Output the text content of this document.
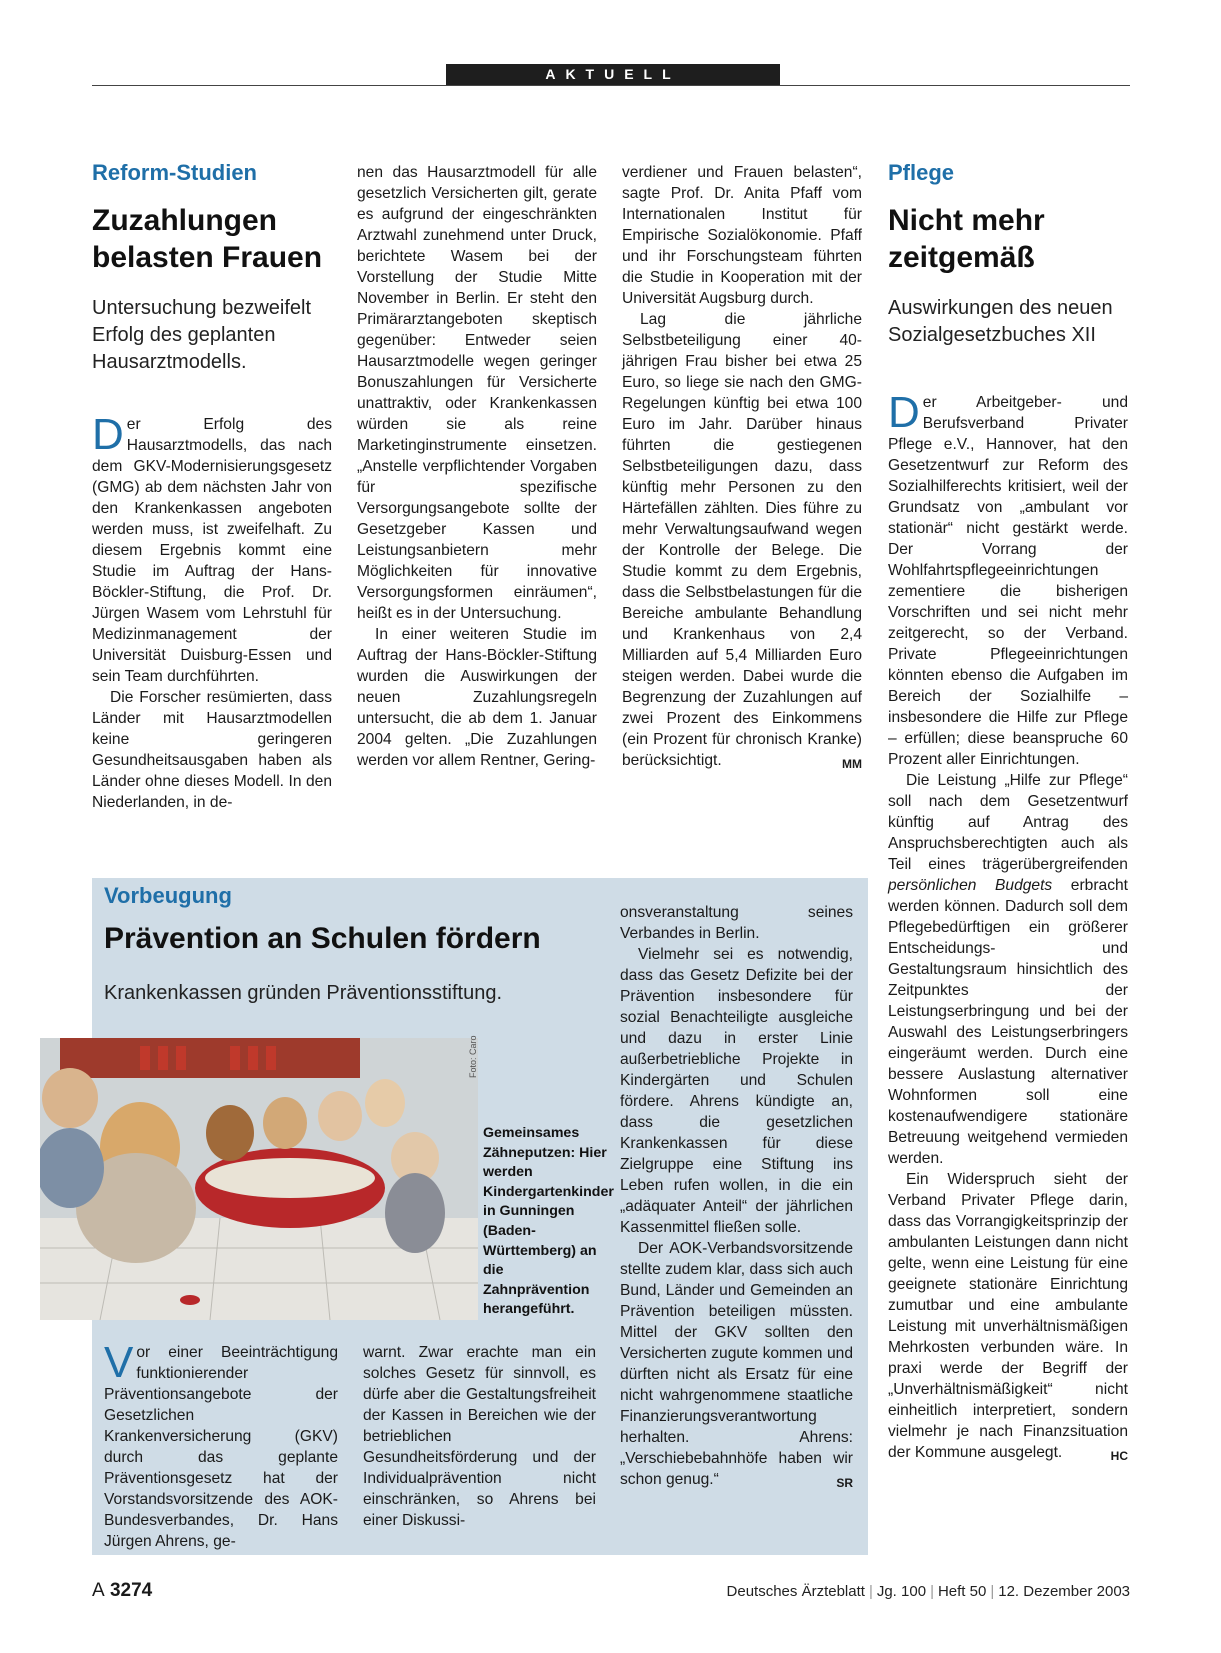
AKTUELL
Reform-Studien
Zuzahlungen
belasten Frauen
Untersuchung bezweifelt Erfolg des geplanten Hausarztmodells.

Der Erfolg des Hausarztmodells, das nach dem GKV-Modernisierungsgesetz (GMG) ab dem nächsten Jahr von den Krankenkassen angeboten werden muss, ist zweifelhaft. Zu diesem Ergebnis kommt eine Studie im Auftrag der Hans-Böckler-Stiftung, die Prof. Dr. Jürgen Wasem vom Lehrstuhl für Medizinmanagement der Universität Duisburg-Essen und sein Team durchführten.

Die Forscher resümierten, dass Länder mit Hausarztmodellen keine geringeren Gesundheitsausgaben haben als Länder ohne dieses Modell. In den Niederlanden, in de-

nen das Hausarztmodell für alle gesetzlich Versicherten gilt, gerate es aufgrund der eingeschränkten Arztwahl zunehmend unter Druck, berichtete Wasem bei der Vorstellung der Studie Mitte November in Berlin. Er steht den Primärarztangeboten skeptisch gegenüber: Entweder seien Hausarztmodelle wegen geringer Bonuszahlungen für Versicherte unattraktiv, oder Krankenkassen würden sie als reine Marketinginstrumente einsetzen. „Anstelle verpflichtender Vorgaben für spezifische Versorgungsangebote sollte der Gesetzgeber Kassen und Leistungsanbietern mehr Möglichkeiten für innovative Versorgungsformen einräumen“, heißt es in der Untersuchung.

In einer weiteren Studie im Auftrag der Hans-Böckler-Stiftung wurden die Auswirkungen der neuen Zuzahlungsregeln untersucht, die ab dem 1. Januar 2004 gelten. „Die Zuzahlungen werden vor allem Rentner, Gering-

verdiener und Frauen belasten“, sagte Prof. Dr. Anita Pfaff vom Internationalen Institut für Empirische Sozialökonomie. Pfaff und ihr Forschungsteam führten die Studie in Kooperation mit der Universität Augsburg durch.

Lag die jährliche Selbstbeteiligung einer 40-jährigen Frau bisher bei etwa 25 Euro, so liege sie nach den GMG-Regelungen künftig bei etwa 100 Euro im Jahr. Darüber hinaus führten die gestiegenen Selbstbeteiligungen dazu, dass künftig mehr Personen zu den Härtefällen zählten. Dies führe zu mehr Verwaltungsaufwand wegen der Kontrolle der Belege. Die Studie kommt zu dem Ergebnis, dass die Selbstbelastungen für die Bereiche ambulante Behandlung und Krankenhaus von 2,4 Milliarden auf 5,4 Milliarden Euro steigen werden. Dabei wurde die Begrenzung der Zuzahlungen auf zwei Prozent des Einkommens (ein Prozent für chronisch Kranke) berücksichtigt.	MM

Pflege
Nicht mehr
zeitgemäß
Auswirkungen des neuen Sozialgesetzbuches XII

Der Arbeitgeber- und Berufsverband Privater Pflege e.V., Hannover, hat den Gesetzentwurf zur Reform des Sozialhilferechts kritisiert, weil der Grundsatz von „ambulant vor stationär“ nicht gestärkt werde. Der Vorrang der Wohlfahrtspflegeeinrichtungen zementiere die bisherigen Vorschriften und sei nicht mehr zeitgerecht, so der Verband. Private Pflegeeinrichtungen könnten ebenso die Aufgaben im Bereich der Sozialhilfe – insbesondere die Hilfe zur Pflege – erfüllen; diese beanspruche 60 Prozent aller Einrichtungen.

Die Leistung „Hilfe zur Pflege“ soll nach dem Gesetzentwurf künftig auf Antrag des Anspruchsberechtigten auch als Teil eines trägerübergreifenden persönlichen Budgets erbracht werden können. Dadurch soll dem Pflegebedürftigen ein größerer Entscheidungs- und Gestaltungsraum hinsichtlich des Zeitpunktes der Leistungserbringung und bei der Auswahl des Leistungserbringers eingeräumt werden. Durch eine bessere Auslastung alternativer Wohnformen soll eine kostenaufwendigere stationäre Betreuung weitgehend vermieden werden.

Ein Widerspruch sieht der Verband Privater Pflege darin, dass das Vorrangigkeitsprinzip der ambulanten Leistungen dann nicht gelte, wenn eine Leistung für eine geeignete stationäre Einrichtung zumutbar und eine ambulante Leistung mit unverhältnismäßigen Mehrkosten verbunden wäre. In praxi werde der Begriff der „Unverhältnismäßigkeit“ nicht einheitlich interpretiert, sondern vielmehr je nach Finanzsituation der Kommune ausgelegt.	HC

Vorbeugung
Prävention an Schulen fördern
Krankenkassen gründen Präventionsstiftung.
Foto: Caro
Gemeinsames Zähneputzen: Hier werden Kindergartenkinder in Gunningen (Baden-Württemberg) an die Zahnprävention herangeführt.

Vor einer Beeinträchtigung funktionierender Präventionsangebote der Gesetzlichen Krankenversicherung (GKV) durch das geplante Präventionsgesetz hat der Vorstandsvorsitzende des AOK-Bundesverbandes, Dr. Hans Jürgen Ahrens, ge-

warnt. Zwar erachte man ein solches Gesetz für sinnvoll, es dürfe aber die Gestaltungsfreiheit der Kassen in Bereichen wie der betrieblichen Gesundheitsförderung und der Individualprävention nicht einschränken, so Ahrens bei einer Diskussi-

onsveranstaltung seines Verbandes in Berlin.

Vielmehr sei es notwendig, dass das Gesetz Defizite bei der Prävention insbesondere für sozial Benachteiligte ausgleiche und dazu in erster Linie außerbetriebliche Projekte in Kindergärten und Schulen fördere. Ahrens kündigte an, dass die gesetzlichen Krankenkassen für diese Zielgruppe eine Stiftung ins Leben rufen wollen, in die ein „adäquater Anteil“ der jährlichen Kassenmittel fließen solle.

Der AOK-Verbandsvorsitzende stellte zudem klar, dass sich auch Bund, Länder und Gemeinden an Prävention beteiligen müssten. Mittel der GKV sollten den Versicherten zugute kommen und dürften nicht als Ersatz für eine nicht wahrgenommene staatliche Finanzierungsverantwortung herhalten. Ahrens: „Verschiebebahnhöfe haben wir schon genug.“	SR

A 3274	Deutsches Ärzteblatt | Jg. 100 | Heft 50 | 12. Dezember 2003
